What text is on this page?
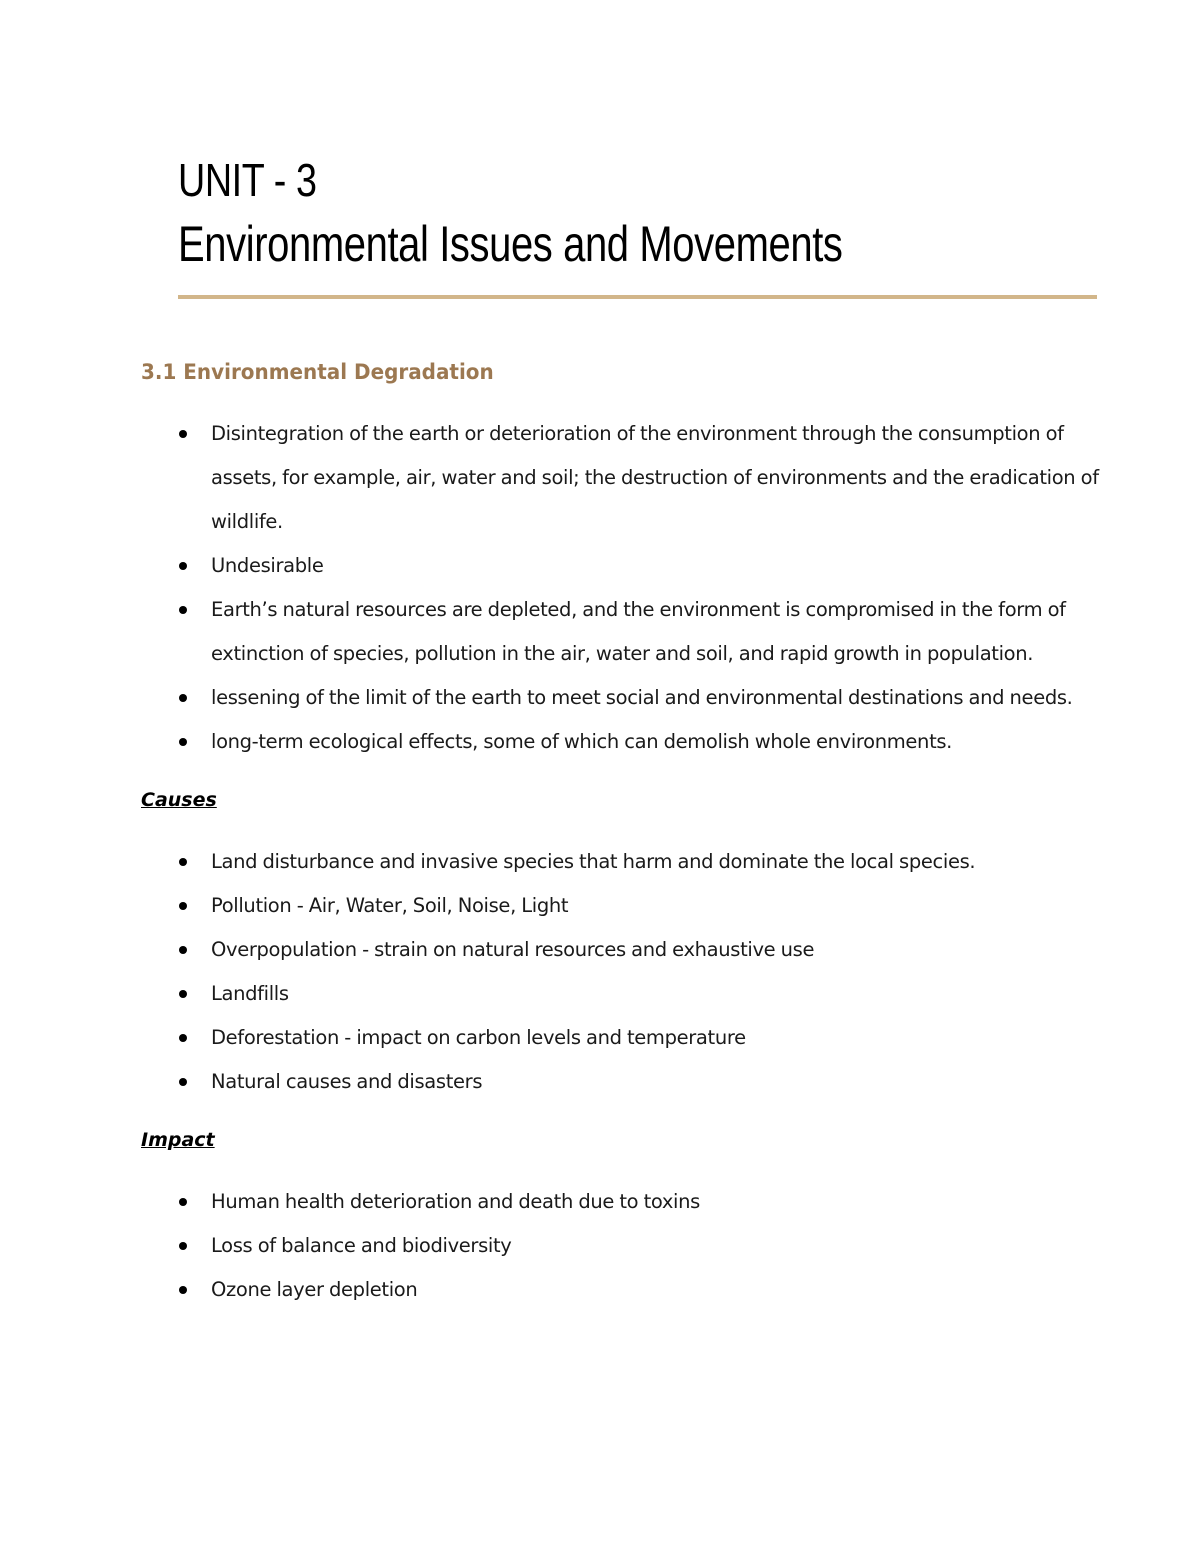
UNIT - 3
Environmental Issues and Movements
3.1 Environmental Degradation
Disintegration of the earth or deterioration of the environment through the consumption of assets, for example, air, water and soil; the destruction of environments and the eradication of wildlife.
Undesirable
Earth’s natural resources are depleted, and the environment is compromised in the form of extinction of species, pollution in the air, water and soil, and rapid growth in population.
lessening of the limit of the earth to meet social and environmental destinations and needs.
long-term ecological effects, some of which can demolish whole environments.
Causes
Land disturbance and invasive species that harm and dominate the local species.
Pollution - Air, Water, Soil, Noise, Light
Overpopulation - strain on natural resources and exhaustive use
Landfills
Deforestation - impact on carbon levels and temperature
Natural causes and disasters
Impact
Human health deterioration and death due to toxins
Loss of balance and biodiversity
Ozone layer depletion
